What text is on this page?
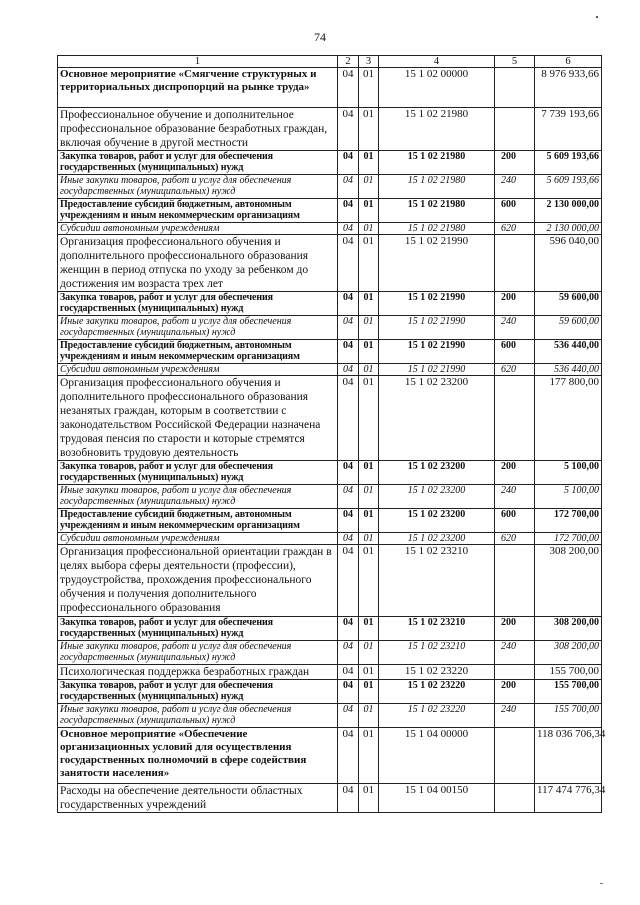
74
1	2	3	4	5	6
Основное мероприятие «Смягчение структурных и территориальных диспропорций на рынке труда»	04	01	15 1 02 00000		8 976 933,66
Профессиональное обучение и дополнительное профессиональное образование безработных граждан, включая обучение в другой местности	04	01	15 1 02 21980		7 739 193,66
Закупка товаров, работ и услуг для обеспечения государственных (муниципальных) нужд	04	01	15 1 02 21980	200	5 609 193,66
Иные закупки товаров, работ и услуг для обеспечения государственных (муниципальных) нужд	04	01	15 1 02 21980	240	5 609 193,66
Предоставление субсидий бюджетным, автономным учреждениям и иным некоммерческим организациям	04	01	15 1 02 21980	600	2 130 000,00
Субсидии автономным учреждениям	04	01	15 1 02 21980	620	2 130 000,00
Организация профессионального обучения и дополнительного профессионального образования женщин в период отпуска по уходу за ребенком до достижения им возраста трех лет	04	01	15 1 02 21990		596 040,00
Закупка товаров, работ и услуг для обеспечения государственных (муниципальных) нужд	04	01	15 1 02 21990	200	59 600,00
Иные закупки товаров, работ и услуг для обеспечения государственных (муниципальных) нужд	04	01	15 1 02 21990	240	59 600,00
Предоставление субсидий бюджетным, автономным учреждениям и иным некоммерческим организациям	04	01	15 1 02 21990	600	536 440,00
Субсидии автономным учреждениям	04	01	15 1 02 21990	620	536 440,00
Организация профессионального обучения и дополнительного профессионального образования незанятых граждан, которым в соответствии с законодательством Российской Федерации назначена трудовая пенсия по старости и которые стремятся возобновить трудовую деятельность	04	01	15 1 02 23200		177 800,00
Закупка товаров, работ и услуг для обеспечения государственных (муниципальных) нужд	04	01	15 1 02 23200	200	5 100,00
Иные закупки товаров, работ и услуг для обеспечения государственных (муниципальных) нужд	04	01	15 1 02 23200	240	5 100,00
Предоставление субсидий бюджетным, автономным учреждениям и иным некоммерческим организациям	04	01	15 1 02 23200	600	172 700,00
Субсидии автономным учреждениям	04	01	15 1 02 23200	620	172 700,00
Организация профессиональной ориентации граждан в целях выбора сферы деятельности (профессии), трудоустройства, прохождения профессионального обучения и получения дополнительного профессионального образования	04	01	15 1 02 23210		308 200,00
Закупка товаров, работ и услуг для обеспечения государственных (муниципальных) нужд	04	01	15 1 02 23210	200	308 200,00
Иные закупки товаров, работ и услуг для обеспечения государственных (муниципальных) нужд	04	01	15 1 02 23210	240	308 200,00
Психологическая поддержка безработных граждан	04	01	15 1 02 23220		155 700,00
Закупка товаров, работ и услуг для обеспечения государственных (муниципальных) нужд	04	01	15 1 02 23220	200	155 700,00
Иные закупки товаров, работ и услуг для обеспечения государственных (муниципальных) нужд	04	01	15 1 02 23220	240	155 700,00
Основное мероприятие «Обеспечение организационных условий для осуществления государственных полномочий в сфере содействия занятости населения»	04	01	15 1 04 00000		118 036 706,34
Расходы на обеспечение деятельности областных государственных учреждений	04	01	15 1 04 00150		117 474 776,34
